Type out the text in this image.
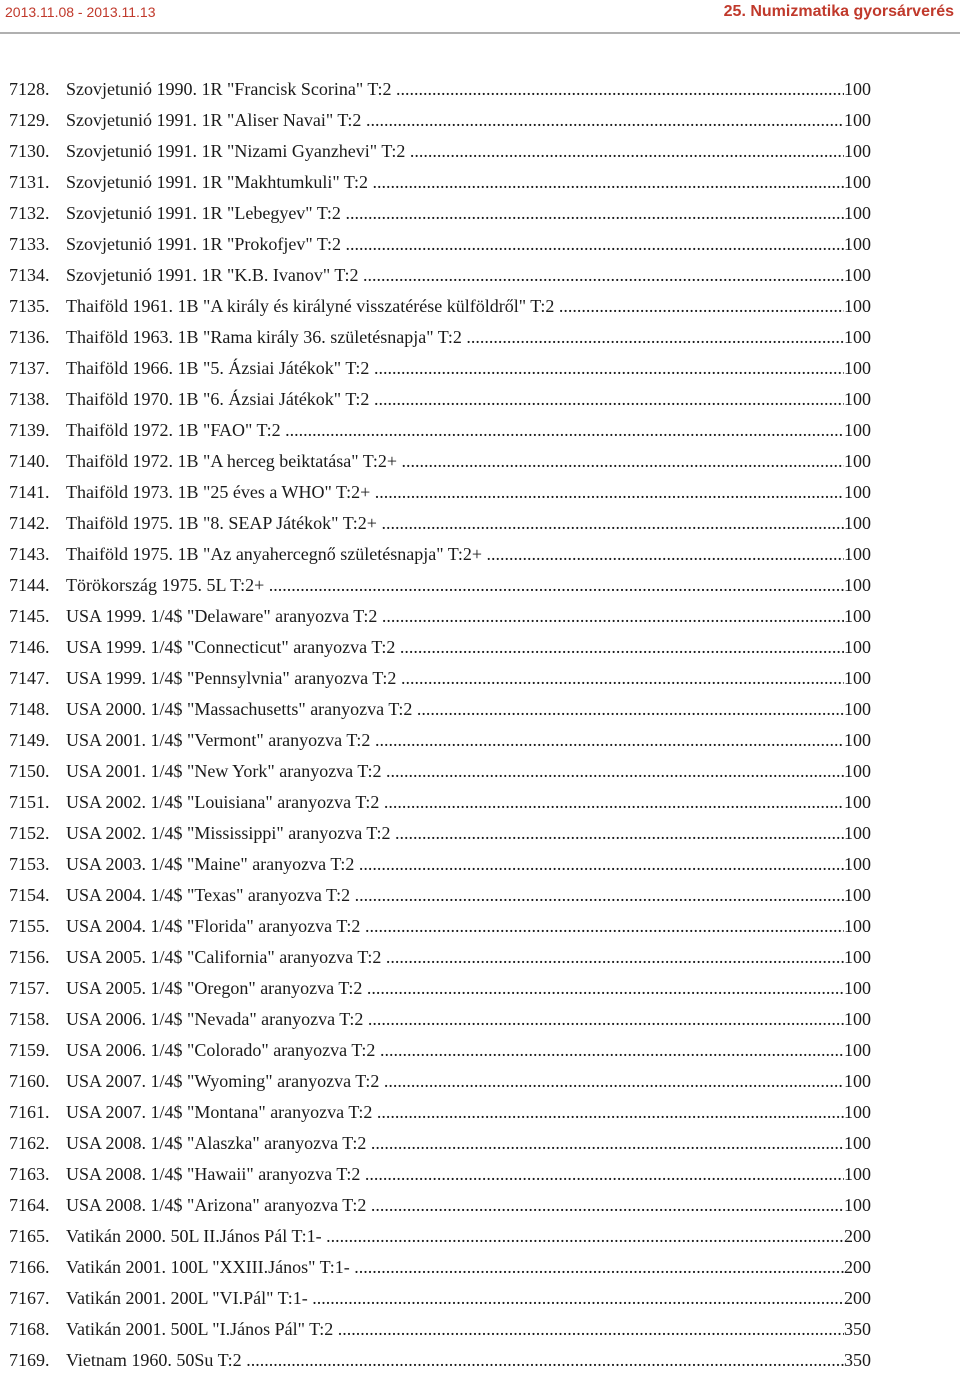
2013.11.08 - 2013.11.13	25. Numizmatika gyorsárverés
7128. Szovjetunió 1990. 1R "Francisk Scorina" T:2 .....	100
7129. Szovjetunió 1991. 1R "Aliser Navai" T:2 .....	100
7130. Szovjetunió 1991. 1R "Nizami Gyanzhevi" T:2 .....	100
7131. Szovjetunió 1991. 1R "Makhtumkuli" T:2 .....	100
7132. Szovjetunió 1991. 1R "Lebegyev" T:2 .....	100
7133. Szovjetunió 1991. 1R "Prokofjev" T:2 .....	100
7134. Szovjetunió 1991. 1R "K.B. Ivanov" T:2 .....	100
7135. Thaiföld 1961. 1B "A király és királyné visszatérése külföldről" T:2 .....	100
7136. Thaiföld 1963. 1B "Rama király 36. születésnapja" T:2 .....	100
7137. Thaiföld 1966. 1B "5. Ázsiai Játékok" T:2 .....	100
7138. Thaiföld 1970. 1B "6. Ázsiai Játékok" T:2 .....	100
7139. Thaiföld 1972. 1B "FAO" T:2 .....	100
7140. Thaiföld 1972. 1B "A herceg beiktatása" T:2+ .....	100
7141. Thaiföld 1973. 1B "25 éves a WHO" T:2+ .....	100
7142. Thaiföld 1975. 1B "8. SEAP Játékok" T:2+ .....	100
7143. Thaiföld 1975. 1B "Az anyahercegnő születésnapja" T:2+ .....	100
7144. Törökország 1975. 5L T:2+ .....	100
7145. USA 1999. 1/4$ "Delaware" aranyozva T:2 .....	100
7146. USA 1999. 1/4$ "Connecticut" aranyozva T:2 .....	100
7147. USA 1999. 1/4$ "Pennsylvnia" aranyozva T:2 .....	100
7148. USA 2000. 1/4$ "Massachusetts" aranyozva T:2 .....	100
7149. USA 2001. 1/4$ "Vermont" aranyozva T:2 .....	100
7150. USA 2001. 1/4$ "New York" aranyozva T:2 .....	100
7151. USA 2002. 1/4$ "Louisiana" aranyozva T:2 .....	100
7152. USA 2002. 1/4$ "Mississippi" aranyozva T:2 .....	100
7153. USA 2003. 1/4$ "Maine" aranyozva T:2 .....	100
7154. USA 2004. 1/4$ "Texas" aranyozva T:2 .....	100
7155. USA 2004. 1/4$ "Florida" aranyozva T:2 .....	100
7156. USA 2005. 1/4$ "California" aranyozva T:2 .....	100
7157. USA 2005. 1/4$ "Oregon" aranyozva T:2 .....	100
7158. USA 2006. 1/4$ "Nevada" aranyozva T:2 .....	100
7159. USA 2006. 1/4$ "Colorado" aranyozva T:2 .....	100
7160. USA 2007. 1/4$ "Wyoming" aranyozva T:2 .....	100
7161. USA 2007. 1/4$ "Montana" aranyozva T:2 .....	100
7162. USA 2008. 1/4$ "Alaszka" aranyozva T:2 .....	100
7163. USA 2008. 1/4$ "Hawaii" aranyozva T:2 .....	100
7164. USA 2008. 1/4$ "Arizona" aranyozva T:2 .....	100
7165. Vatikán 2000. 50L II.János Pál T:1- .....	200
7166. Vatikán 2001. 100L "XXIII.János" T:1- .....	200
7167. Vatikán 2001. 200L "VI.Pál" T:1- .....	200
7168. Vatikán 2001. 500L "I.János Pál" T:2 .....	350
7169. Vietnam 1960. 50Su T:2 .....	350
